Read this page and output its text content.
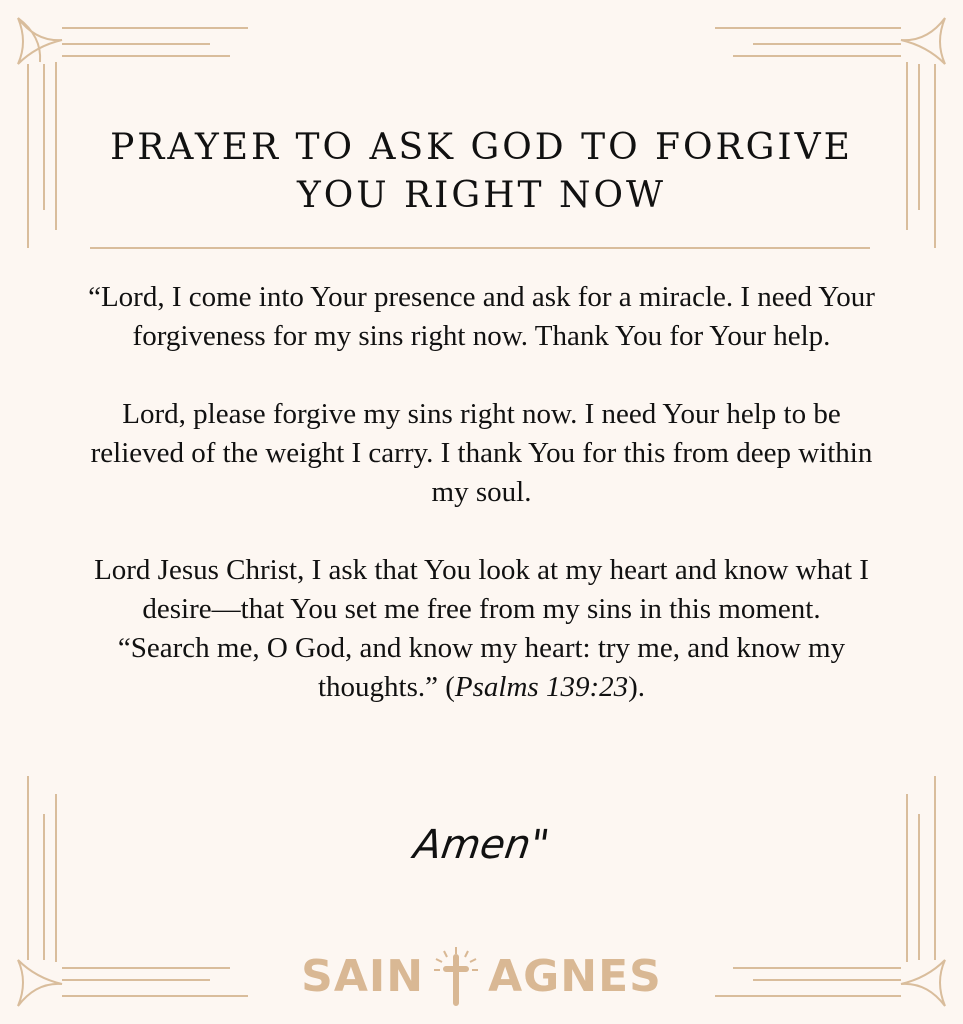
PRAYER TO ASK GOD TO FORGIVE YOU RIGHT NOW

“Lord, I come into Your presence and ask for a miracle. I need Your forgiveness for my sins right now. Thank You for Your help.

Lord, please forgive my sins right now. I need Your help to be relieved of the weight I carry. I thank You for this from deep within my soul.

Lord Jesus Christ, I ask that You look at my heart and know what I desire—that You set me free from my sins in this moment.

“Search me, O God, and know my heart: try me, and know my thoughts.” (Psalms 139:23).

Amen"
SAIN AGNES
